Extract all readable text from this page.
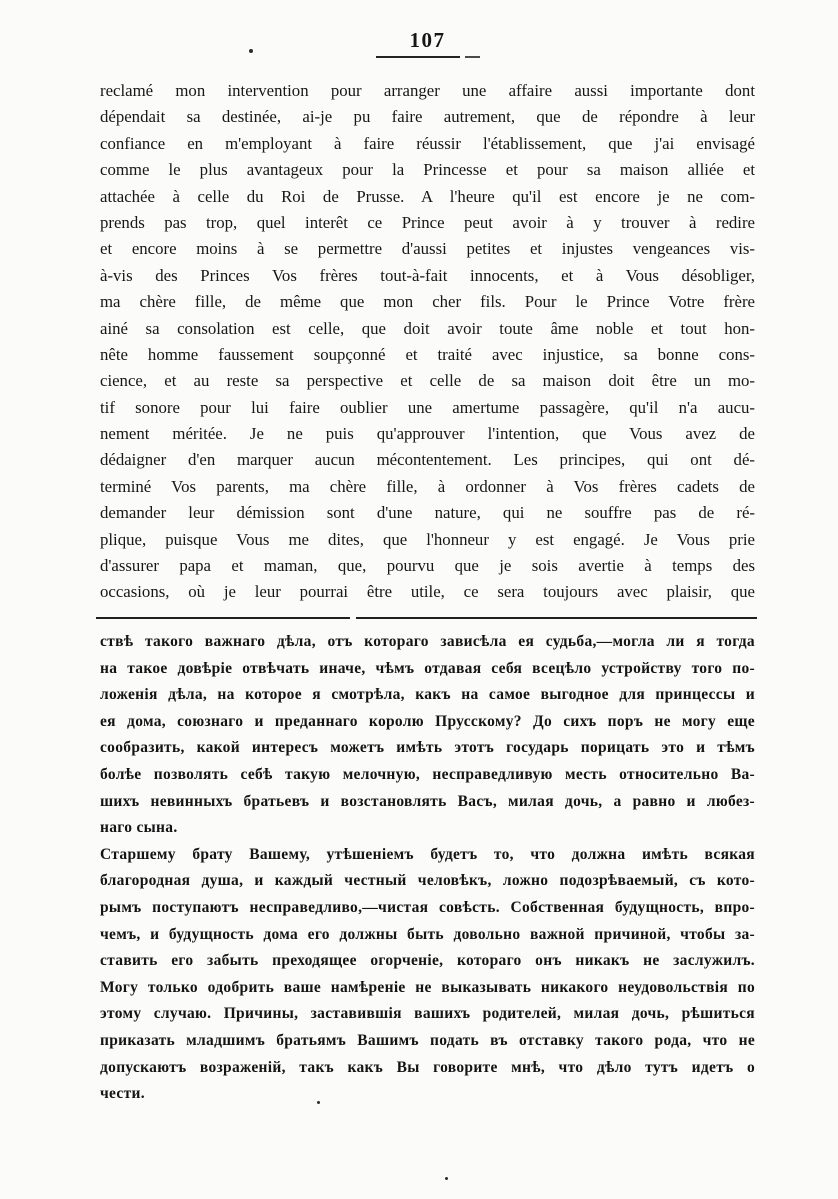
107
reclamé mon intervention pour arranger une affaire aussi importante dont
dépendait sa destinée, ai-je pu faire autrement, que de répondre à leur
confiance en m'employant à faire réussir l'établissement, que j'ai envisagé
comme le plus avantageux pour la Princesse et pour sa maison alliée et
attachée à celle du Roi de Prusse. A l'heure qu'il est encore je ne com-
prends pas trop, quel interêt ce Prince peut avoir à y trouver à redire
et encore moins à se permettre d'aussi petites et injustes vengeances vis-
à-vis des Princes Vos frères tout-à-fait innocents, et à Vous désobliger,
ma chère fille, de même que mon cher fils. Pour le Prince Votre frère
ainé sa consolation est celle, que doit avoir toute âme noble et tout hon-
nête homme faussement soupçonné et traité avec injustice, sa bonne cons-
cience, et au reste sa perspective et celle de sa maison doit être un mo-
tif sonore pour lui faire oublier une amertume passagère, qu'il n'a aucu-
nement méritée. Je ne puis qu'approuver l'intention, que Vous avez de
dédaigner d'en marquer aucun mécontentement. Les principes, qui ont dé-
terminé Vos parents, ma chère fille, à ordonner à Vos frères cadets de
demander leur démission sont d'une nature, qui ne souffre pas de ré-
plique, puisque Vous me dites, que l'honneur y est engagé. Je Vous prie
d'assurer papa et maman, que, pourvu que je sois avertie à temps des
occasions, où je leur pourrai être utile, ce sera toujours avec plaisir, que
ствѣ такого важнаго дѣла, отъ котораго зависѣла ея судьба,—могла ли я тогда
на такое довѣріе отвѣчать иначе, чѣмъ отдавая себя всецѣло устройству того по-
ложенія дѣла, на которое я смотрѣла, какъ на самое выгодное для принцессы и
ея дома, союзнаго и преданнаго королю Прусскому? До сихъ поръ не могу еще
сообразить, какой интересъ можетъ имѣть этотъ государь порицать это и тѣмъ
болѣе позволять себѣ такую мелочную, несправедливую месть относительно Ва-
шихъ невинныхъ братьевъ и возстановлять Васъ, милая дочь, а равно и любез-
наго сына.
Старшему брату Вашему, утѣшеніемъ будетъ то, что должна имѣть всякая
благородная душа, и каждый честный человѣкъ, ложно подозрѣваемый, съ кото-
рымъ поступаютъ несправедливо,—чистая совѣсть. Собственная будущность, впро-
чемъ, и будущность дома его должны быть довольно важной причиной, чтобы за-
ставить его забыть преходящее огорченіе, котораго онъ никакъ не заслужилъ.
Могу только одобрить ваше намѣреніе не выказывать никакого неудовольствія по
этому случаю. Причины, заставившія вашихъ родителей, милая дочь, рѣшиться
приказать младшимъ братьямъ Вашимъ подать въ отставку такого рода, что не
допускаютъ возраженій, такъ какъ Вы говорите мнѣ, что дѣло тутъ идетъ о
чести.
